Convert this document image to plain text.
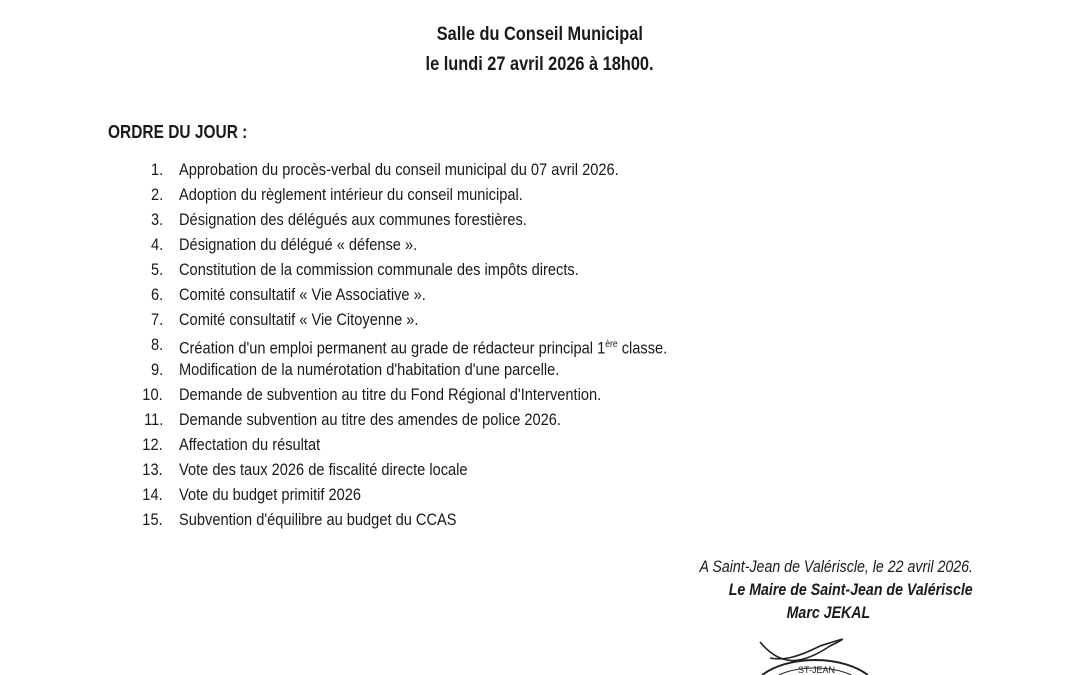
Salle du Conseil Municipal
le lundi 27 avril 2026 à 18h00.
ORDRE DU JOUR :
1. Approbation du procès-verbal du conseil municipal du 07 avril 2026.
2. Adoption du règlement intérieur du conseil municipal.
3. Désignation des délégués aux communes forestières.
4. Désignation du délégué « défense ».
5. Constitution de la commission communale des impôts directs.
6. Comité consultatif « Vie Associative ».
7. Comité consultatif « Vie Citoyenne ».
8. Création d'un emploi permanent au grade de rédacteur principal 1ère classe.
9. Modification de la numérotation d'habitation d'une parcelle.
10. Demande de subvention au titre du Fond Régional d'Intervention.
11. Demande subvention au titre des amendes de police 2026.
12. Affectation du résultat
13. Vote des taux 2026 de fiscalité directe locale
14. Vote du budget primitif 2026
15. Subvention d'équilibre au budget du CCAS
A Saint-Jean de Valériscle, le 22 avril 2026.
Le Maire de Saint-Jean de Valériscle
Marc JEKAL
ST-JEAN
